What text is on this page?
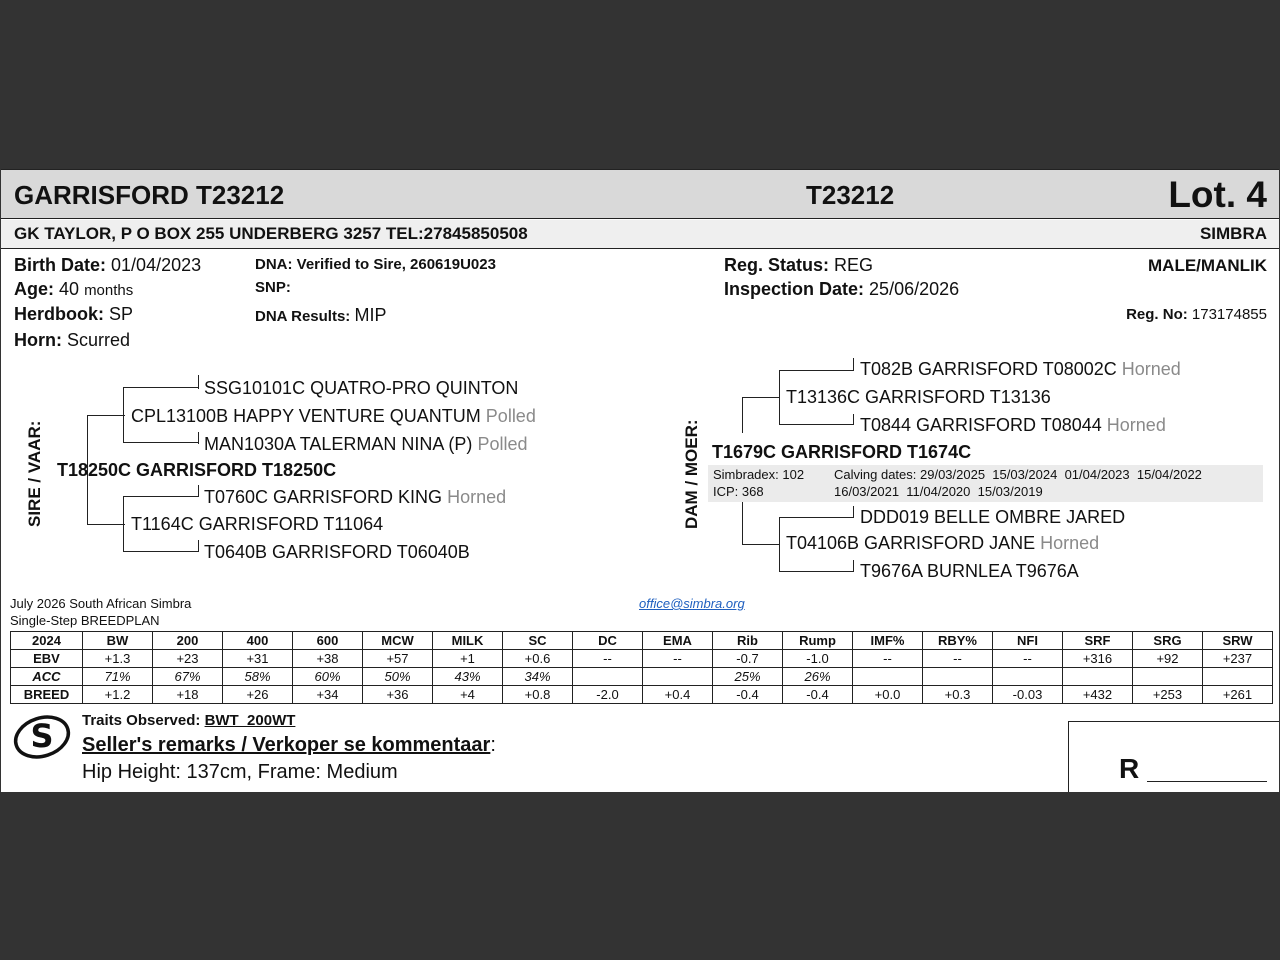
GARRISFORD T23212	T23212	Lot. 4
GK TAYLOR, P O BOX 255 UNDERBERG 3257 TEL:27845850508	SIMBRA
Birth Date: 01/04/2023
Age: 40 months
Herdbook: SP
Horn: Scurred
DNA: Verified to Sire, 260619U023
SNP:
DNA Results: MIP
Reg. Status: REG
Inspection Date: 25/06/2026
MALE/MANLIK
Reg. No: 173174855
SIRE / VAAR:
SSG10101C QUATRO-PRO QUINTON
CPL13100B HAPPY VENTURE QUANTUM Polled
MAN1030A TALERMAN NINA (P) Polled
T18250C GARRISFORD T18250C
T0760C GARRISFORD KING Horned
T1164C GARRISFORD T11064
T0640B GARRISFORD T06040B
DAM / MOER:
T082B GARRISFORD T08002C Horned
T13136C GARRISFORD T13136
T0844 GARRISFORD T08044 Horned
T1679C GARRISFORD T1674C
Simbradex: 102
ICP: 368
Calving dates: 29/03/2025  15/03/2024  01/04/2023  15/04/2022
16/03/2021  11/04/2020  15/03/2019
DDD019 BELLE OMBRE JARED
T04106B GARRISFORD JANE Horned
T9676A BURNLEA T9676A
July 2026 South African Simbra
Single-Step BREEDPLAN
office@simbra.org
2024	BW	200	400	600	MCW	MILK	SC	DC	EMA	Rib	Rump	IMF%	RBY%	NFI	SRF	SRG	SRW
EBV	+1.3	+23	+31	+38	+57	+1	+0.6	--	--	-0.7	-1.0	--	--	--	+316	+92	+237
ACC	71%	67%	58%	60%	50%	43%	34%			25%	26%						
BREED	+1.2	+18	+26	+34	+36	+4	+0.8	-2.0	+0.4	-0.4	-0.4	+0.0	+0.3	-0.03	+432	+253	+261
S Traits Observed: BWT  200WT
Seller's remarks / Verkoper se kommentaar:
Hip Height: 137cm, Frame: Medium	R
